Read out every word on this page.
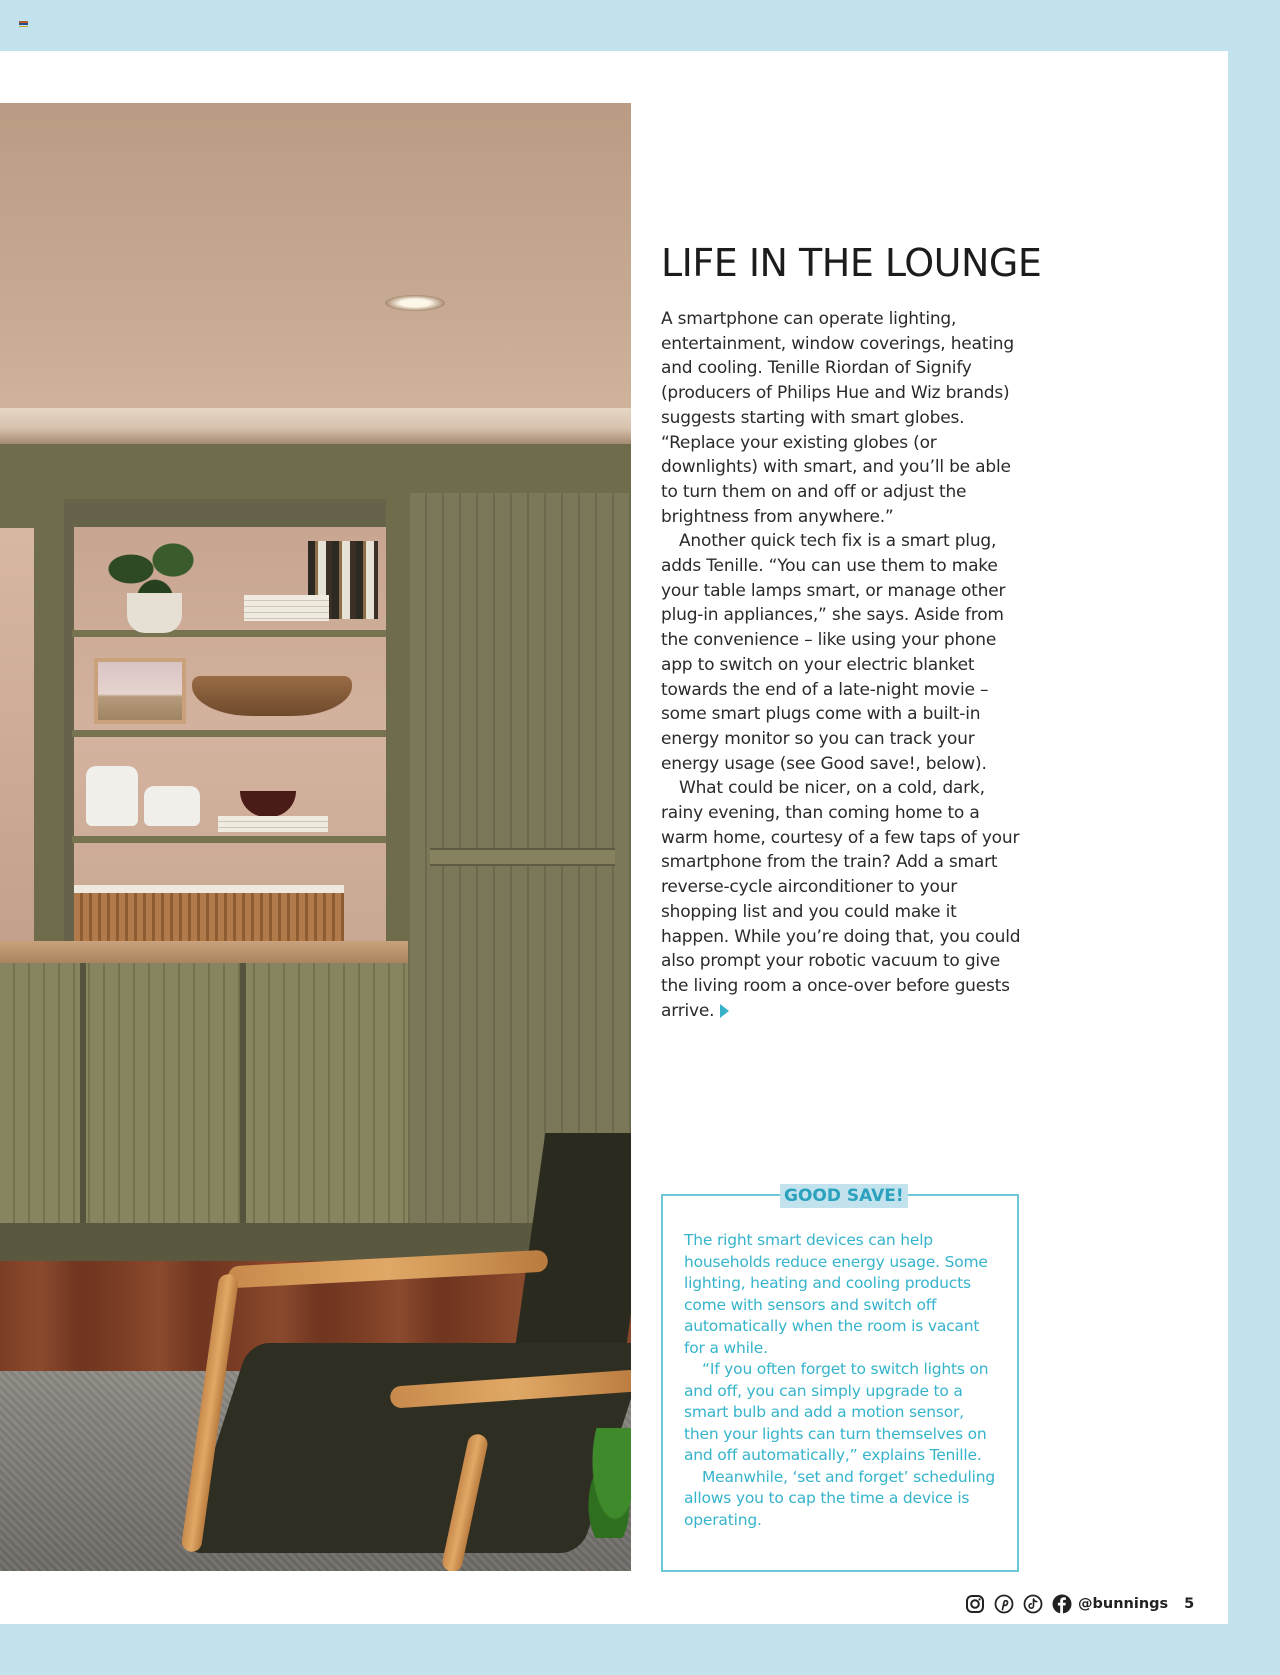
LIFE IN THE LOUNGE

A smartphone can operate lighting, entertainment, window coverings, heating and cooling. Tenille Riordan of Signify (producers of Philips Hue and Wiz brands) suggests starting with smart globes. “Replace your existing globes (or downlights) with smart, and you’ll be able to turn them on and off or adjust the brightness from anywhere.”

Another quick tech fix is a smart plug, adds Tenille. “You can use them to make your table lamps smart, or manage other plug-in appliances,” she says. Aside from the convenience – like using your phone app to switch on your electric blanket towards the end of a late-night movie – some smart plugs come with a built-in energy monitor so you can track your energy usage (see Good save!, below).

What could be nicer, on a cold, dark, rainy evening, than coming home to a warm home, courtesy of a few taps of your smartphone from the train? Add a smart reverse-cycle airconditioner to your shopping list and you could make it happen. While you’re doing that, you could also prompt your robotic vacuum to give the living room a once-over before guests arrive.

GOOD SAVE!

The right smart devices can help households reduce energy usage. Some lighting, heating and cooling products come with sensors and switch off automatically when the room is vacant for a while.

“If you often forget to switch lights on and off, you can simply upgrade to a smart bulb and add a motion sensor, then your lights can turn themselves on and off automatically,” explains Tenille.

Meanwhile, ‘set and forget’ scheduling allows you to cap the time a device is operating.

@bunnings 5
